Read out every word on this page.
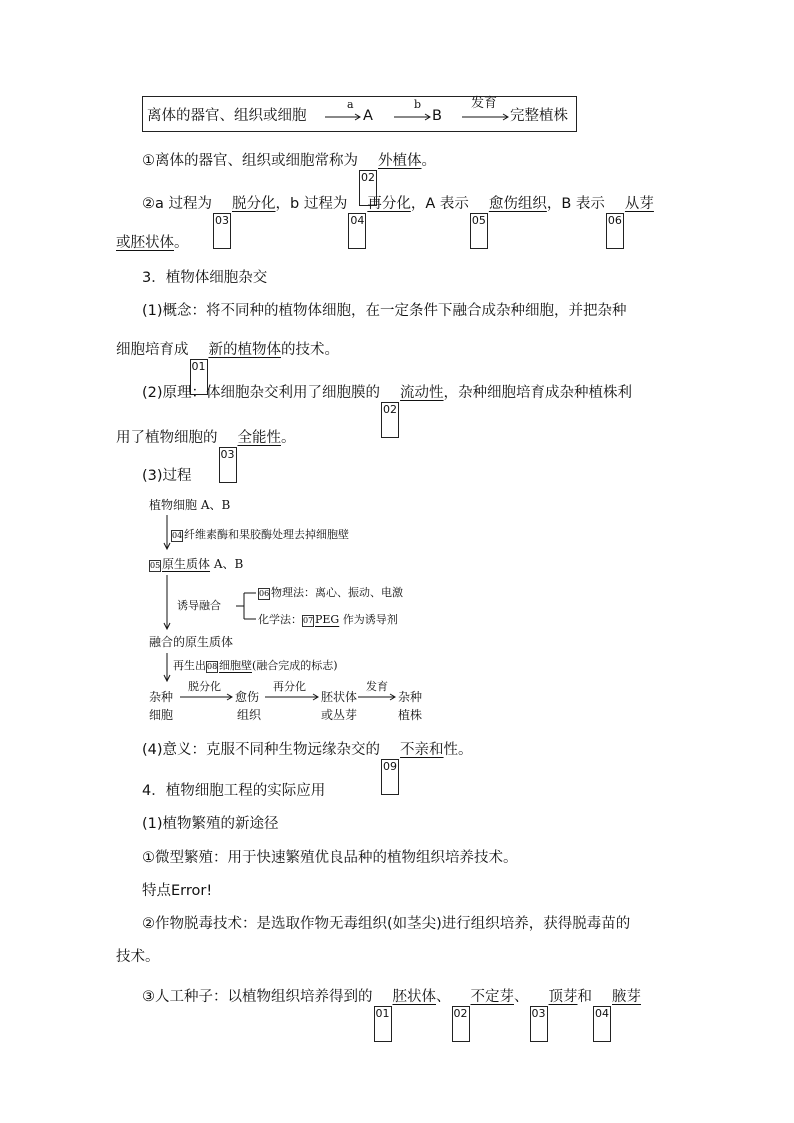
离体的器官、组织或细胞
a
A
b
B
发育
完整植株
①离体的器官、组织或细胞常称为02外植体。
②a 过程为03脱分化，b 过程为04再分化，A 表示05愈伤组织，B 表示06从芽
或胚状体。
3．植物体细胞杂交
(1)概念：将不同种的植物体细胞，在一定条件下融合成杂种细胞，并把杂种
细胞培育成01新的植物体的技术。
(2)原理：体细胞杂交利用了细胞膜的02流动性，杂种细胞培育成杂种植株利
用了植物细胞的03全能性。
(3)过程
植物细胞 A、B
04 纤维素酶和果胶酶处理去掉细胞壁
05 原生质体 A、B
诱导融合
06 物理法：离心、振动、电激
化学法：07 PEG 作为诱导剂
融合的原生质体
再生出08 细胞壁(融合完成的标志)
杂种
细胞
脱分化
愈伤
组织
再分化
胚状体
或丛芽
发育
杂种
植株
(4)意义：克服不同种生物远缘杂交的09不亲和性。
4．植物细胞工程的实际应用
(1)植物繁殖的新途径
①微型繁殖：用于快速繁殖优良品种的植物组织培养技术。
特点Error!
②作物脱毒技术：是选取作物无毒组织(如茎尖)进行组织培养，获得脱毒苗的
技术。
③人工种子：以植物组织培养得到的01胚状体、02不定芽、03顶芽和04腋芽
